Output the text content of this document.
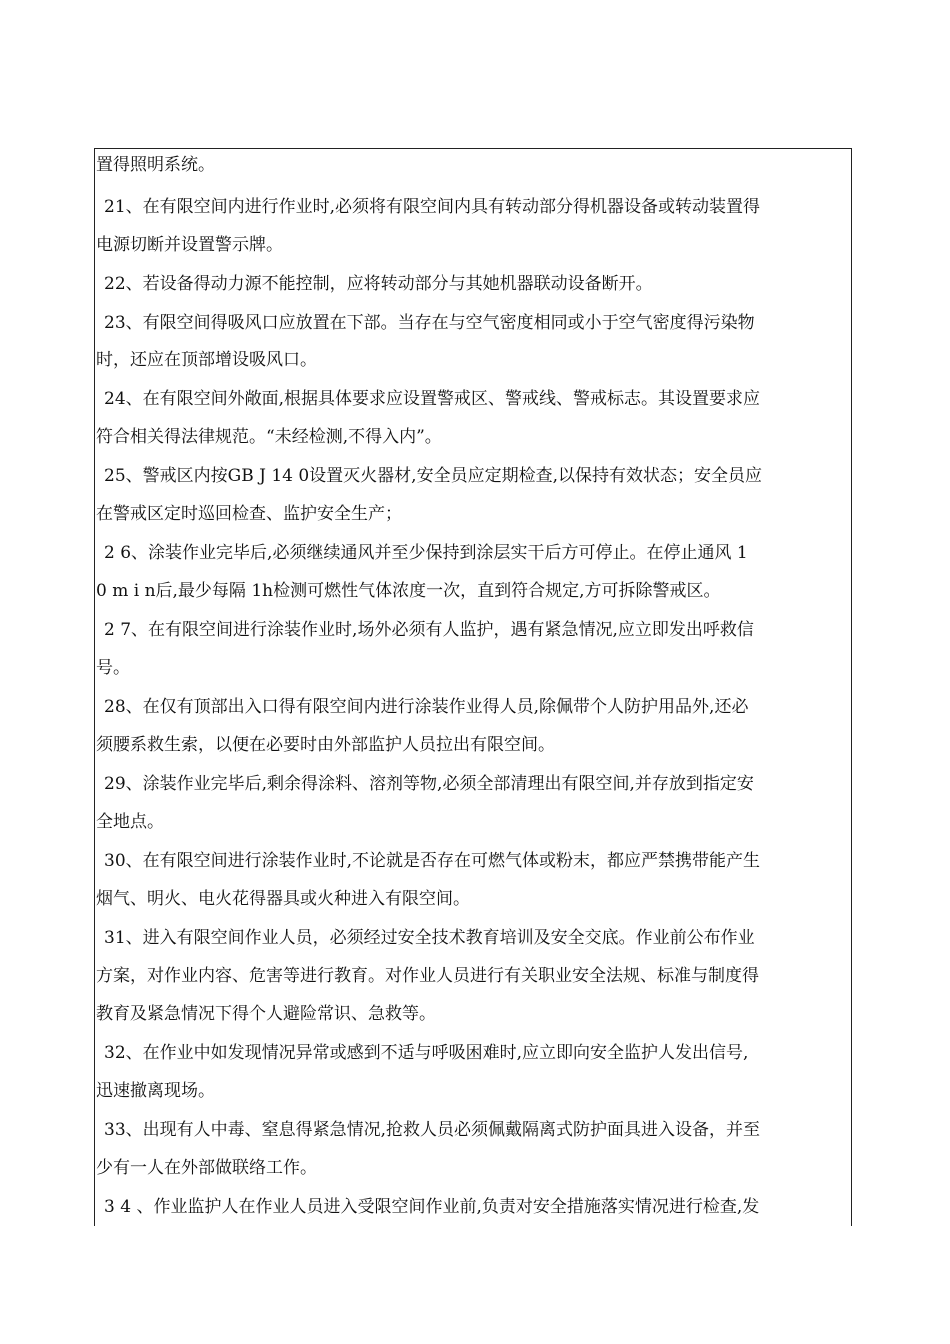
置得照明系统。
21、在有限空间内进行作业时,必须将有限空间内具有转动部分得机器设备或转动装置得
电源切断并设置警示牌。
22、若设备得动力源不能控制，应将转动部分与其她机器联动设备断开。
23、有限空间得吸风口应放置在下部。当存在与空气密度相同或小于空气密度得污染物
时，还应在顶部增设吸风口。
24、在有限空间外敞面,根据具体要求应设置警戒区、警戒线、警戒标志。其设置要求应
符合相关得法律规范。“未经检测,不得入内”。
25、警戒区内按GB J 14 0设置灭火器材,安全员应定期检查,以保持有效状态；安全员应
在警戒区定时巡回检查、监护安全生产；
2 6、涂装作业完毕后,必须继续通风并至少保持到涂层实干后方可停止。在停止通风 1
0 m i n后,最少每隔 1h检测可燃性气体浓度一次，直到符合规定,方可拆除警戒区。
2 7、在有限空间进行涂装作业时,场外必须有人监护，遇有紧急情况,应立即发出呼救信
号。
28、在仅有顶部出入口得有限空间内进行涂装作业得人员,除佩带个人防护用品外,还必
须腰系救生索，以便在必要时由外部监护人员拉出有限空间。
29、涂装作业完毕后,剩余得涂料、溶剂等物,必须全部清理出有限空间,并存放到指定安
全地点。
30、在有限空间进行涂装作业时,不论就是否存在可燃气体或粉末，都应严禁携带能产生
烟气、明火、电火花得器具或火种进入有限空间。
31、进入有限空间作业人员，必须经过安全技术教育培训及安全交底。作业前公布作业
方案，对作业内容、危害等进行教育。对作业人员进行有关职业安全法规、标准与制度得
教育及紧急情况下得个人避险常识、急救等。
32、在作业中如发现情况异常或感到不适与呼吸困难时,应立即向安全监护人发出信号,
迅速撤离现场。
33、出现有人中毒、窒息得紧急情况,抢救人员必须佩戴隔离式防护面具进入设备，并至
少有一人在外部做联络工作。
3 4 、作业监护人在作业人员进入受限空间作业前,负责对安全措施落实情况进行检查,发
